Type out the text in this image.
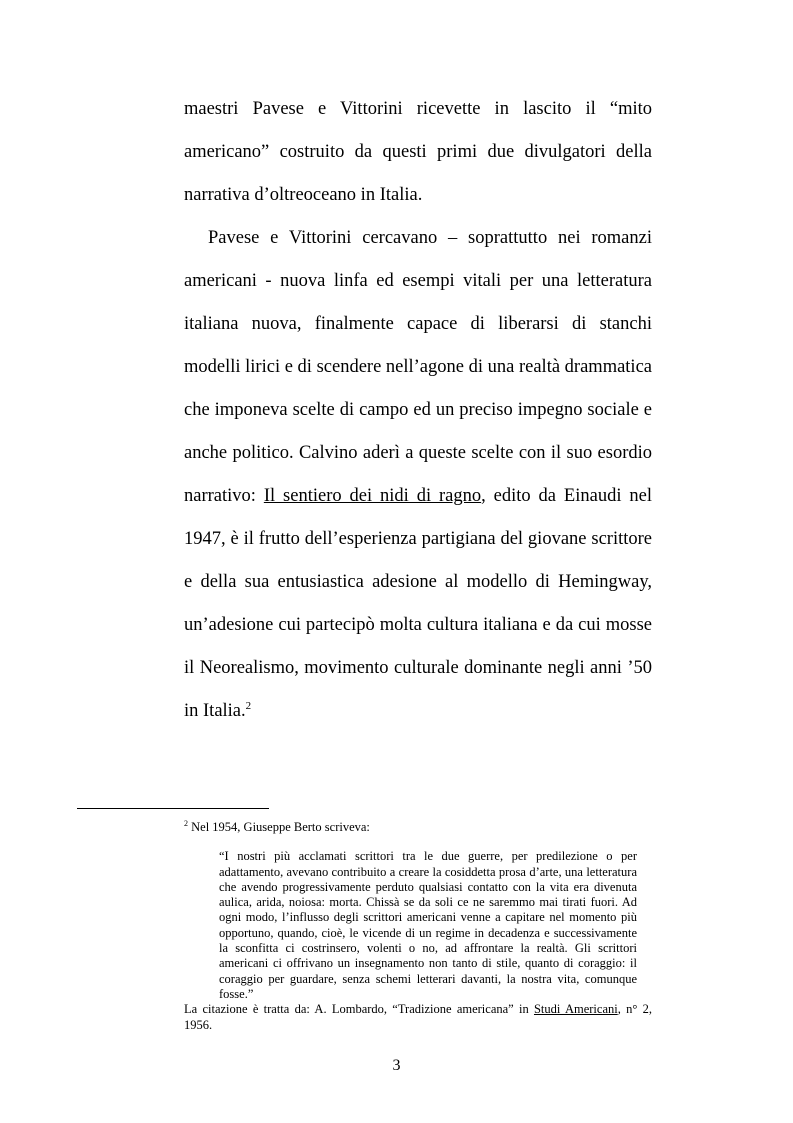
maestri Pavese e Vittorini ricevette in lascito il “mito americano” costruito da questi primi due divulgatori della narrativa d’oltreoceano in Italia.

Pavese e Vittorini cercavano – soprattutto nei romanzi americani - nuova linfa ed esempi vitali per una letteratura italiana nuova, finalmente capace di liberarsi di stanchi modelli lirici e di scendere nell’agone di una realtà drammatica che imponeva scelte di campo ed un preciso impegno sociale e anche politico. Calvino aderì a queste scelte con il suo esordio narrativo: Il sentiero dei nidi di ragno, edito da Einaudi nel 1947, è il frutto dell’esperienza partigiana del giovane scrittore e della sua entusiastica adesione al modello di Hemingway, un’adesione cui partecipò molta cultura italiana e da cui mosse il Neorealismo, movimento culturale dominante negli anni ’50 in Italia.$^2$

$^2$ Nel 1954, Giuseppe Berto scriveva:

“I nostri più acclamati scrittori tra le due guerre, per predilezione o per adattamento, avevano contribuito a creare la cosiddetta prosa d’arte, una letteratura che avendo progressivamente perduto qualsiasi contatto con la vita era divenuta aulica, arida, noiosa: morta. Chissà se da soli ce ne saremmo mai tirati fuori. Ad ogni modo, l’influsso degli scrittori americani venne a capitare nel momento più opportuno, quando, cioè, le vicende di un regime in decadenza e successivamente la sconfitta ci costrinsero, volenti o no, ad affrontare la realtà. Gli scrittori americani ci offrivano un insegnamento non tanto di stile, quanto di coraggio: il coraggio per guardare, senza schemi letterari davanti, la nostra vita, comunque fosse.”

La citazione è tratta da: A. Lombardo, “Tradizione americana” in Studi Americani, n° 2, 1956.

3
